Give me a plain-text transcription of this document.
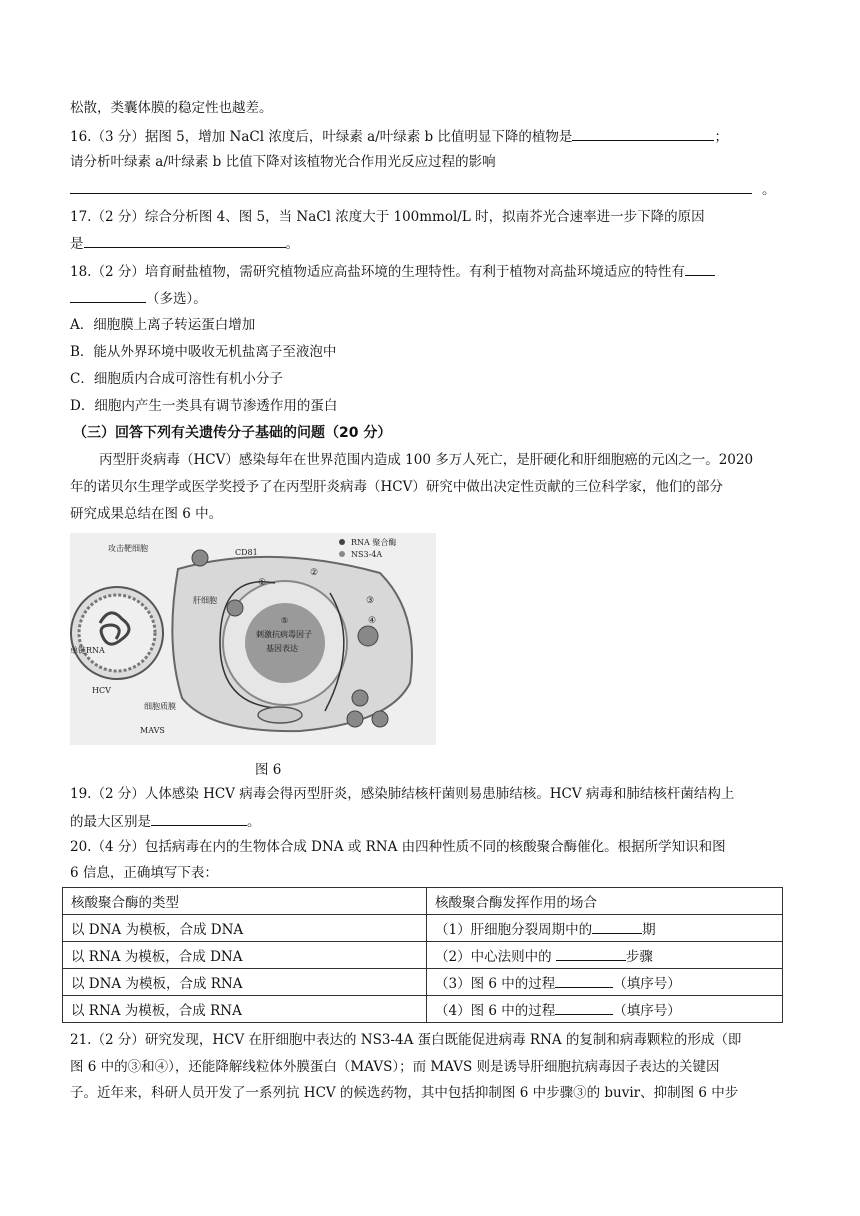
松散，类囊体膜的稳定性也越差。
16.（3 分）据图 5，增加 NaCl 浓度后，叶绿素 a/叶绿素 b 比值明显下降的植物是	；
请分析叶绿素 a/叶绿素 b 比值下降对该植物光合作用光反应过程的影响
。
17.（2 分）综合分析图 4、图 5，当 NaCl 浓度大于 100mmol/L 时，拟南芥光合速率进一步下降的原因
是	。
18.（2 分）培育耐盐植物，需研究植物适应高盐环境的生理特性。有利于植物对高盐环境适应的特性有
（多选）。
A．细胞膜上离子转运蛋白增加
B．能从外界环境中吸收无机盐离子至液泡中
C．细胞质内合成可溶性有机小分子
D．细胞内产生一类具有调节渗透作用的蛋白
（三）回答下列有关遗传分子基础的问题（20 分）
丙型肝炎病毒（HCV）感染每年在世界范围内造成 100 多万人死亡，是肝硬化和肝细胞癌的元凶之一。2020
年的诺贝尔生理学或医学奖授予了在丙型肝炎病毒（HCV）研究中做出决定性贡献的三位科学家，他们的部分
研究成果总结在图 6 中。
攻击靶细胞	CD81
RNA 聚合酶
NS3-4A
肝细胞
单链RNA
HCV
细胞质膜
MAVS
⑤
刺激抗病毒因子
基因表达
①
②
③
④
图 6
19.（2 分）人体感染 HCV 病毒会得丙型肝炎，感染肺结核杆菌则易患肺结核。HCV 病毒和肺结核杆菌结构上
的最大区别是	。
20.（4 分）包括病毒在内的生物体合成 DNA 或 RNA 由四种性质不同的核酸聚合酶催化。根据所学知识和图
6 信息，正确填写下表：
核酸聚合酶的类型	核酸聚合酶发挥作用的场合
以 DNA 为模板，合成 DNA	（1）肝细胞分裂周期中的 期
以 RNA 为模板，合成 DNA	（2）中心法则中的 步骤
以 DNA 为模板，合成 RNA	（3）图 6 中的过程 （填序号）
以 RNA 为模板，合成 RNA	（4）图 6 中的过程 （填序号）
21.（2 分）研究发现，HCV 在肝细胞中表达的 NS3-4A 蛋白既能促进病毒 RNA 的复制和病毒颗粒的形成（即
图 6 中的③和④），还能降解线粒体外膜蛋白（MAVS）；而 MAVS 则是诱导肝细胞抗病毒因子表达的关键因
子。近年来，科研人员开发了一系列抗 HCV 的候选药物，其中包括抑制图 6 中步骤③的 buvir、抑制图 6 中步
